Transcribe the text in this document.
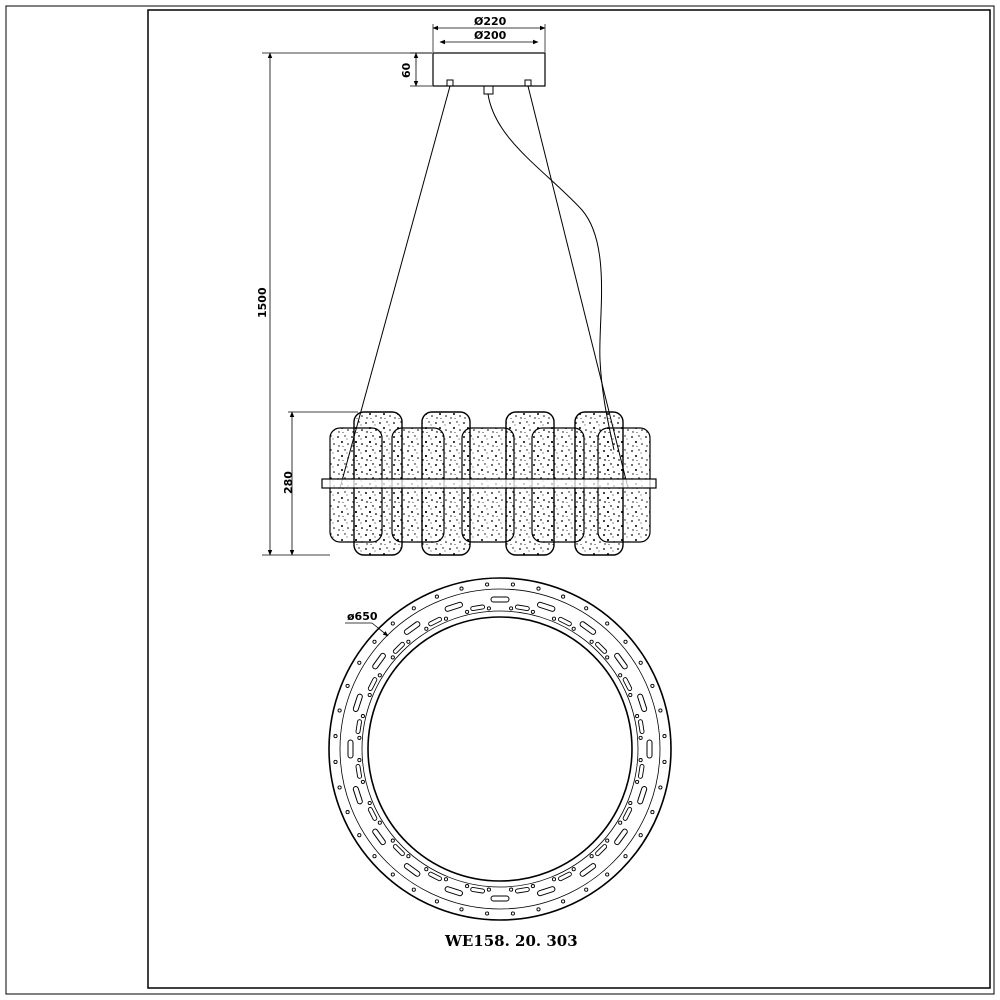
Ø220
Ø200
60
1500
280
ø650
WE158. 20. 303
